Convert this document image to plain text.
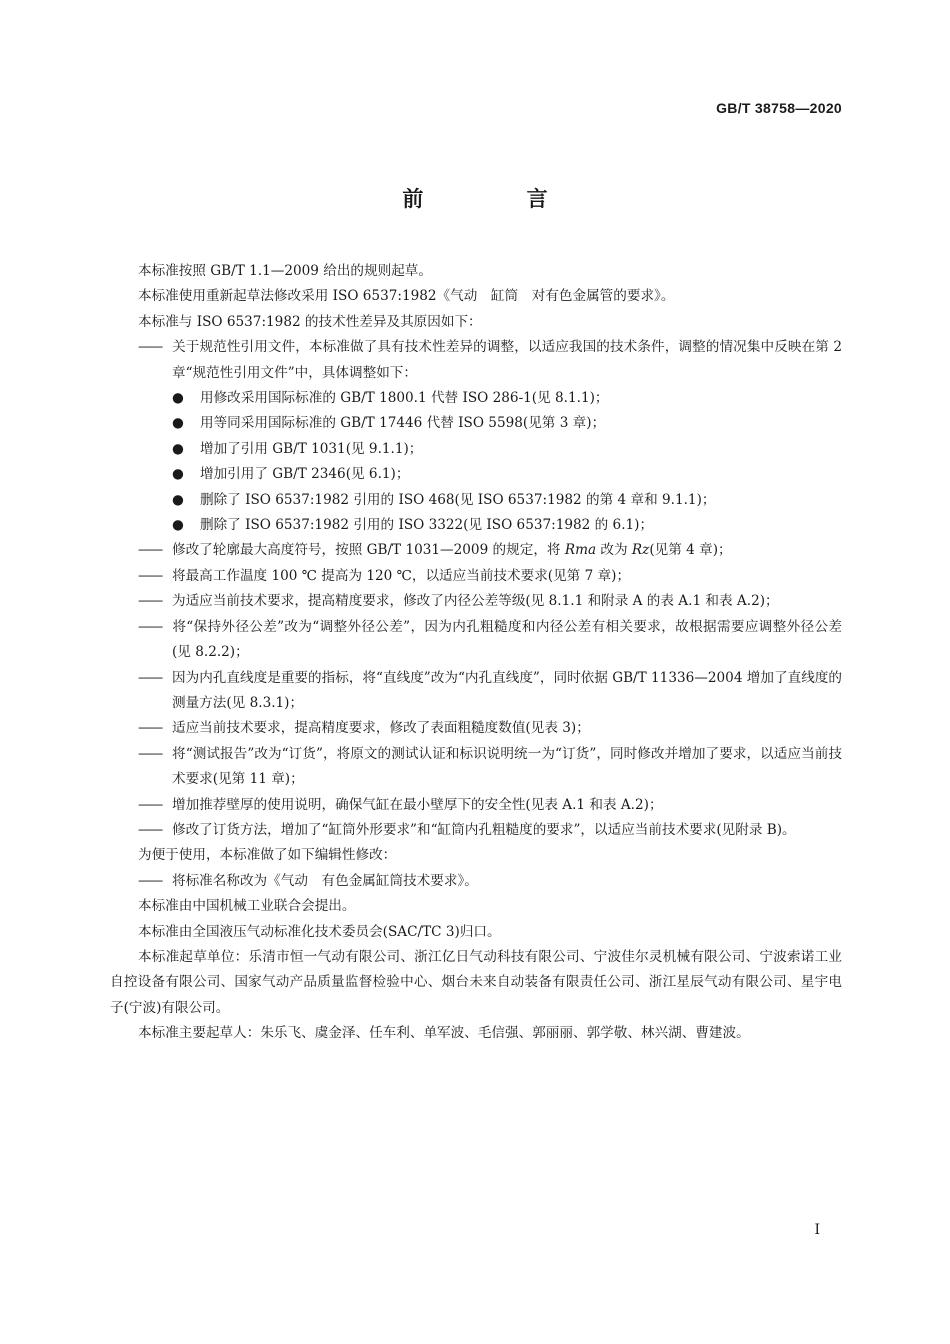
GB/T 38758—2020
前 言
本标准按照 GB/T 1.1—2009 给出的规则起草。
本标准使用重新起草法修改采用 ISO 6537:1982《气动　缸筒　对有色金属管的要求》。
本标准与 ISO 6537:1982 的技术性差异及其原因如下：
—— 关于规范性引用文件，本标准做了具有技术性差异的调整，以适应我国的技术条件，调整的情况集中反映在第 2 章“规范性引用文件”中，具体调整如下：
● 用修改采用国际标准的 GB/T 1800.1 代替 ISO 286-1(见 8.1.1)；
● 用等同采用国际标准的 GB/T 17446 代替 ISO 5598(见第 3 章)；
● 增加了引用 GB/T 1031(见 9.1.1)；
● 增加引用了 GB/T 2346(见 6.1)；
● 删除了 ISO 6537:1982 引用的 ISO 468(见 ISO 6537:1982 的第 4 章和 9.1.1)；
● 删除了 ISO 6537:1982 引用的 ISO 3322(见 ISO 6537:1982 的 6.1)；
—— 修改了轮廓最大高度符号，按照 GB/T 1031—2009 的规定，将 Rma 改为 Rz(见第 4 章)；
—— 将最高工作温度 100 ℃ 提高为 120 ℃，以适应当前技术要求(见第 7 章)；
—— 为适应当前技术要求，提高精度要求，修改了内径公差等级(见 8.1.1 和附录 A 的表 A.1 和表 A.2)；
—— 将“保持外径公差”改为“调整外径公差”，因为内孔粗糙度和内径公差有相关要求，故根据需要应调整外径公差(见 8.2.2)；
—— 因为内孔直线度是重要的指标，将“直线度”改为“内孔直线度”，同时依据 GB/T 11336—2004 增加了直线度的测量方法(见 8.3.1)；
—— 适应当前技术要求，提高精度要求，修改了表面粗糙度数值(见表 3)；
—— 将“测试报告”改为“订货”，将原文的测试认证和标识说明统一为“订货”，同时修改并增加了要求，以适应当前技术要求(见第 11 章)；
—— 增加推荐壁厚的使用说明，确保气缸在最小壁厚下的安全性(见表 A.1 和表 A.2)；
—— 修改了订货方法，增加了“缸筒外形要求”和“缸筒内孔粗糙度的要求”，以适应当前技术要求(见附录 B)。
为便于使用，本标准做了如下编辑性修改：
—— 将标准名称改为《气动　有色金属缸筒技术要求》。
本标准由中国机械工业联合会提出。
本标准由全国液压气动标准化技术委员会(SAC/TC 3)归口。
本标准起草单位：乐清市恒一气动有限公司、浙江亿日气动科技有限公司、宁波佳尔灵机械有限公司、宁波索诺工业自控设备有限公司、国家气动产品质量监督检验中心、烟台未来自动装备有限责任公司、浙江星辰气动有限公司、星宇电子(宁波)有限公司。
本标准主要起草人：朱乐飞、虞金泽、任车利、单军波、毛信强、郭丽丽、郭学敬、林兴湖、曹建波。
I
